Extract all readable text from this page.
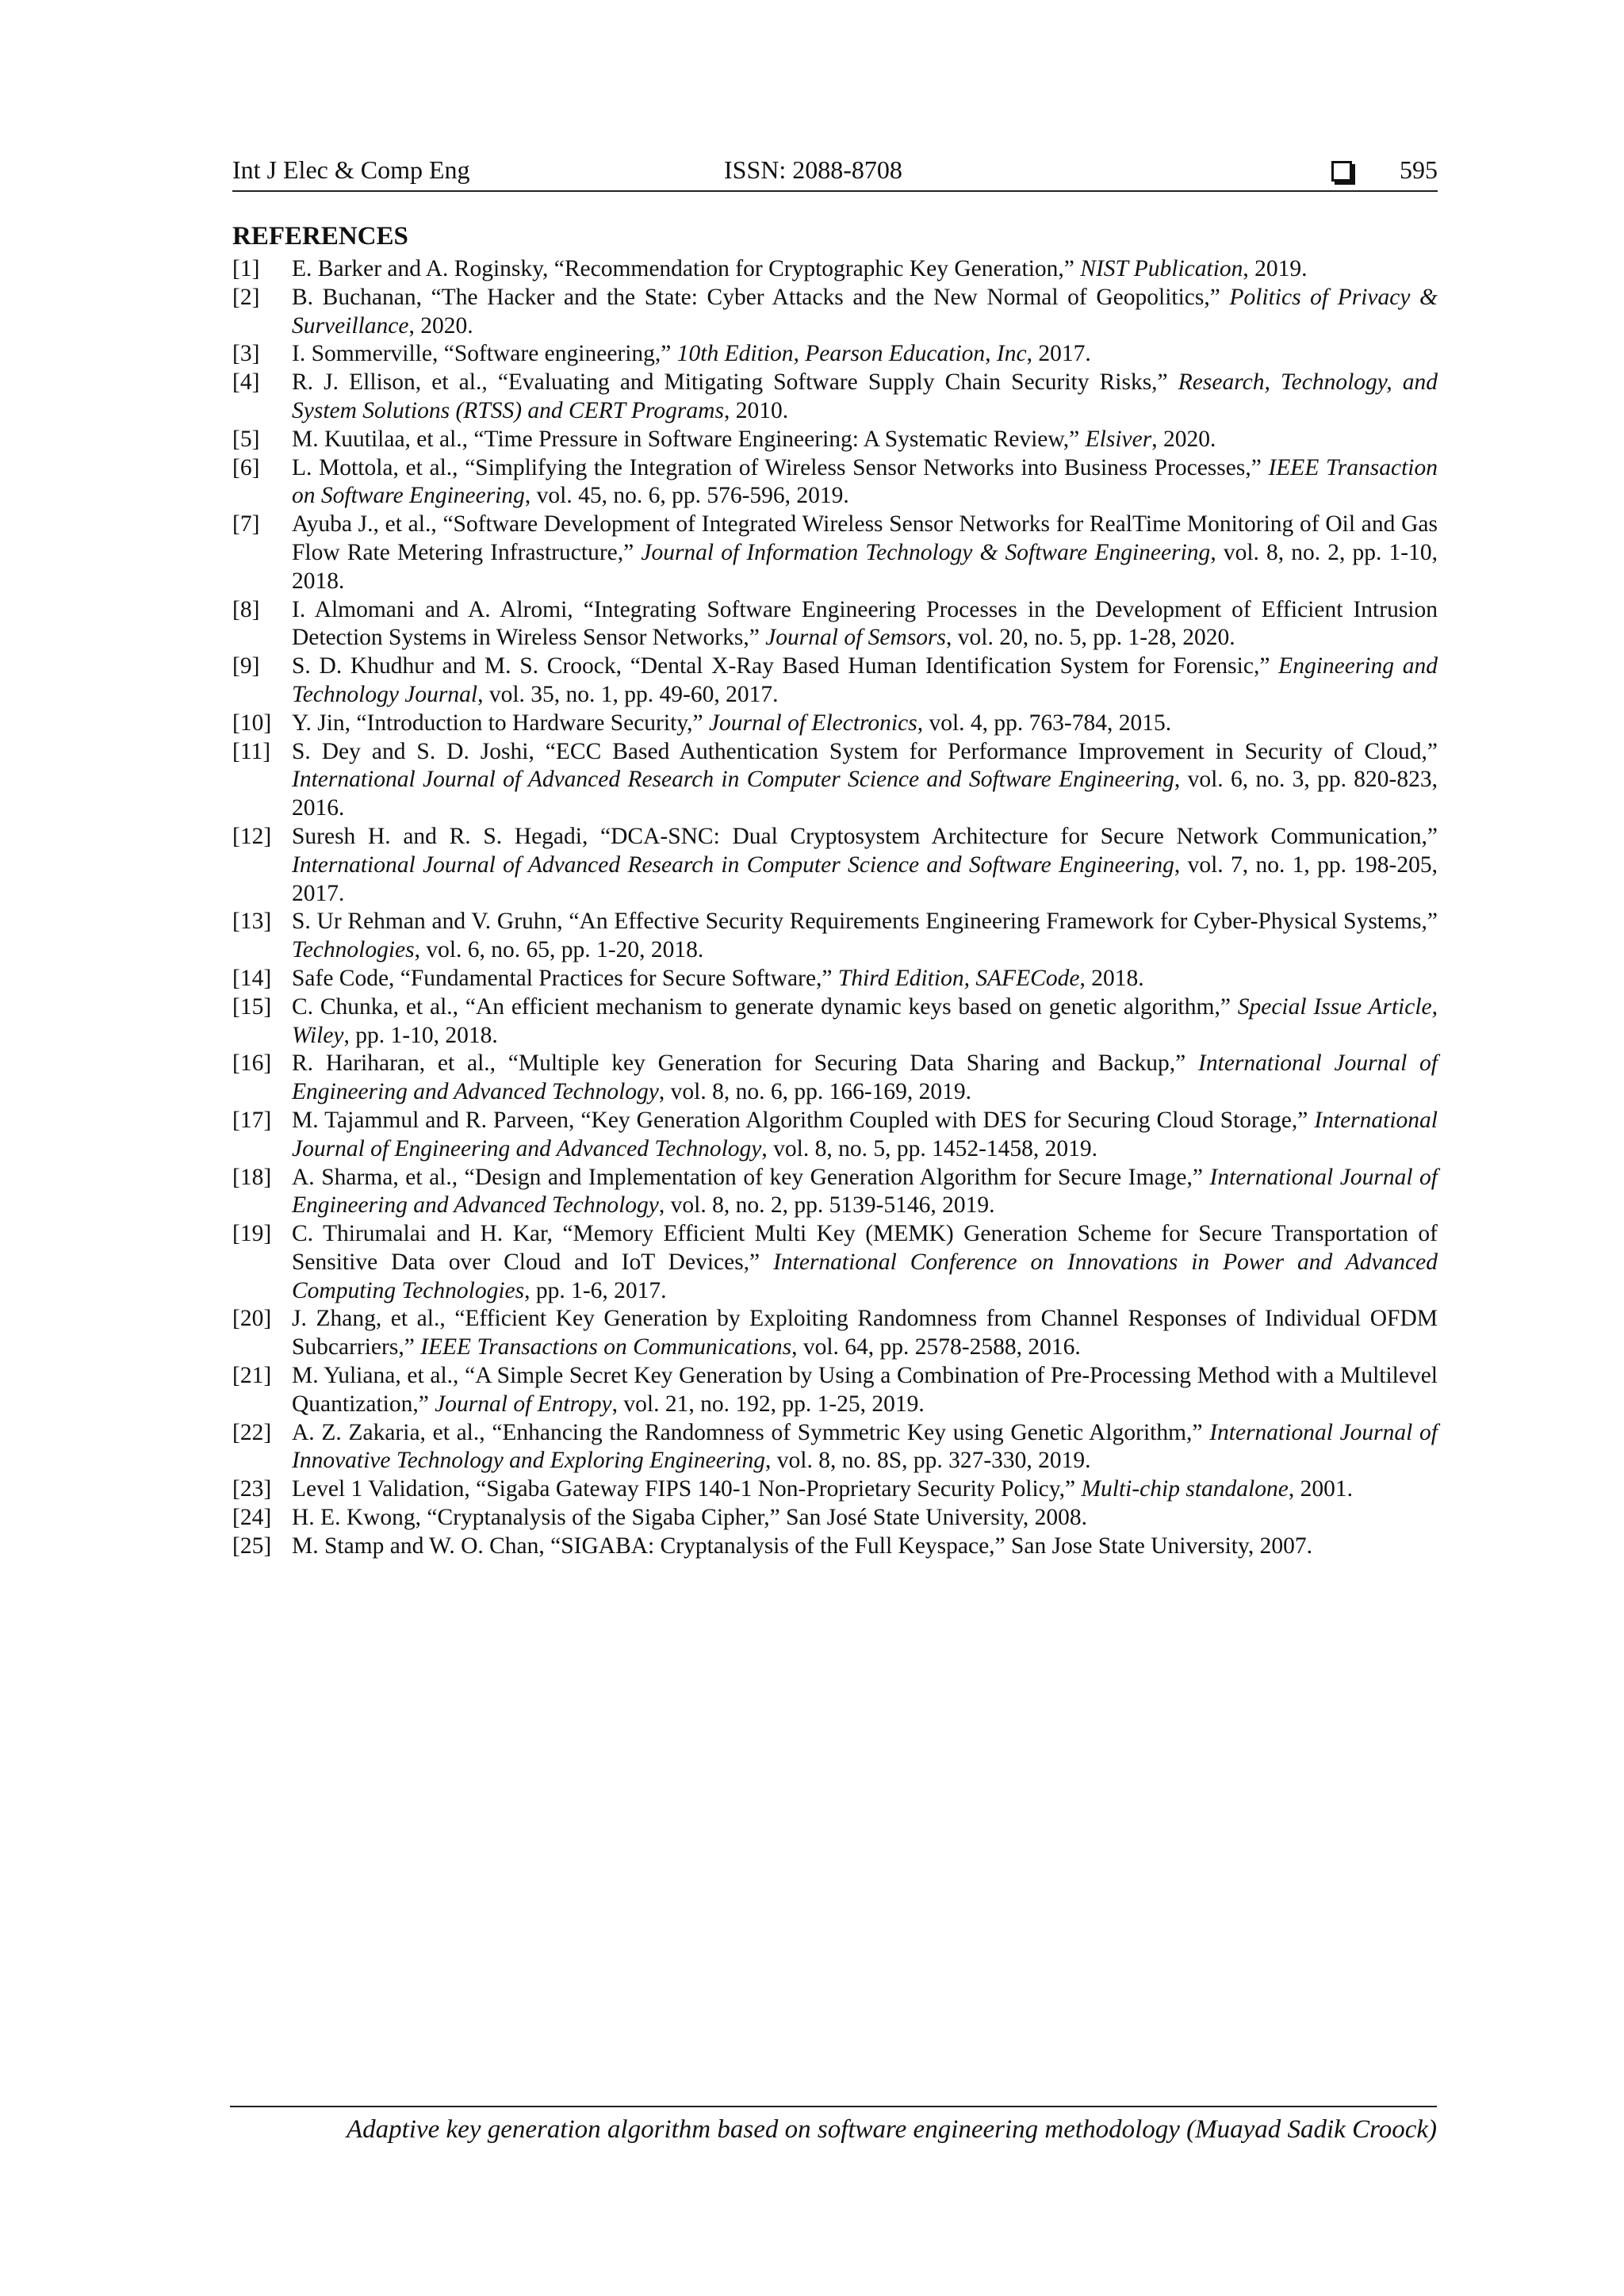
Int J Elec & Comp Eng	ISSN: 2088-8708	595
REFERENCES
[1] E. Barker and A. Roginsky, “Recommendation for Cryptographic Key Generation,” NIST Publication, 2019.
[2] B. Buchanan, “The Hacker and the State: Cyber Attacks and the New Normal of Geopolitics,” Politics of Privacy & Surveillance, 2020.
[3] I. Sommerville, “Software engineering,” 10th Edition, Pearson Education, Inc, 2017.
[4] R. J. Ellison, et al., “Evaluating and Mitigating Software Supply Chain Security Risks,” Research, Technology, and System Solutions (RTSS) and CERT Programs, 2010.
[5] M. Kuutilaa, et al., “Time Pressure in Software Engineering: A Systematic Review,” Elsiver, 2020.
[6] L. Mottola, et al., “Simplifying the Integration of Wireless Sensor Networks into Business Processes,” IEEE Transaction on Software Engineering, vol. 45, no. 6, pp. 576-596, 2019.
[7] Ayuba J., et al., “Software Development of Integrated Wireless Sensor Networks for RealTime Monitoring of Oil and Gas Flow Rate Metering Infrastructure,” Journal of Information Technology & Software Engineering, vol. 8, no. 2, pp. 1-10, 2018.
[8] I. Almomani and A. Alromi, “Integrating Software Engineering Processes in the Development of Efficient Intrusion Detection Systems in Wireless Sensor Networks,” Journal of Semsors, vol. 20, no. 5, pp. 1-28, 2020.
[9] S. D. Khudhur and M. S. Croock, “Dental X-Ray Based Human Identification System for Forensic,” Engineering and Technology Journal, vol. 35, no. 1, pp. 49-60, 2017.
[10] Y. Jin, “Introduction to Hardware Security,” Journal of Electronics, vol. 4, pp. 763-784, 2015.
[11] S. Dey and S. D. Joshi, “ECC Based Authentication System for Performance Improvement in Security of Cloud,” International Journal of Advanced Research in Computer Science and Software Engineering, vol. 6, no. 3, pp. 820-823, 2016.
[12] Suresh H. and R. S. Hegadi, “DCA-SNC: Dual Cryptosystem Architecture for Secure Network Communication,” International Journal of Advanced Research in Computer Science and Software Engineering, vol. 7, no. 1, pp. 198-205, 2017.
[13] S. Ur Rehman and V. Gruhn, “An Effective Security Requirements Engineering Framework for Cyber-Physical Systems,” Technologies, vol. 6, no. 65, pp. 1-20, 2018.
[14] Safe Code, “Fundamental Practices for Secure Software,” Third Edition, SAFECode, 2018.
[15] C. Chunka, et al., “An efficient mechanism to generate dynamic keys based on genetic algorithm,” Special Issue Article, Wiley, pp. 1-10, 2018.
[16] R. Hariharan, et al., “Multiple key Generation for Securing Data Sharing and Backup,” International Journal of Engineering and Advanced Technology, vol. 8, no. 6, pp. 166-169, 2019.
[17] M. Tajammul and R. Parveen, “Key Generation Algorithm Coupled with DES for Securing Cloud Storage,” International Journal of Engineering and Advanced Technology, vol. 8, no. 5, pp. 1452-1458, 2019.
[18] A. Sharma, et al., “Design and Implementation of key Generation Algorithm for Secure Image,” International Journal of Engineering and Advanced Technology, vol. 8, no. 2, pp. 5139-5146, 2019.
[19] C. Thirumalai and H. Kar, “Memory Efficient Multi Key (MEMK) Generation Scheme for Secure Transportation of Sensitive Data over Cloud and IoT Devices,” International Conference on Innovations in Power and Advanced Computing Technologies, pp. 1-6, 2017.
[20] J. Zhang, et al., “Efficient Key Generation by Exploiting Randomness from Channel Responses of Individual OFDM Subcarriers,” IEEE Transactions on Communications, vol. 64, pp. 2578-2588, 2016.
[21] M. Yuliana, et al., “A Simple Secret Key Generation by Using a Combination of Pre-Processing Method with a Multilevel Quantization,” Journal of Entropy, vol. 21, no. 192, pp. 1-25, 2019.
[22] A. Z. Zakaria, et al., “Enhancing the Randomness of Symmetric Key using Genetic Algorithm,” International Journal of Innovative Technology and Exploring Engineering, vol. 8, no. 8S, pp. 327-330, 2019.
[23] Level 1 Validation, “Sigaba Gateway FIPS 140-1 Non-Proprietary Security Policy,” Multi-chip standalone, 2001.
[24] H. E. Kwong, “Cryptanalysis of the Sigaba Cipher,” San José State University, 2008.
[25] M. Stamp and W. O. Chan, “SIGABA: Cryptanalysis of the Full Keyspace,” San Jose State University, 2007.
Adaptive key generation algorithm based on software engineering methodology (Muayad Sadik Croock)
